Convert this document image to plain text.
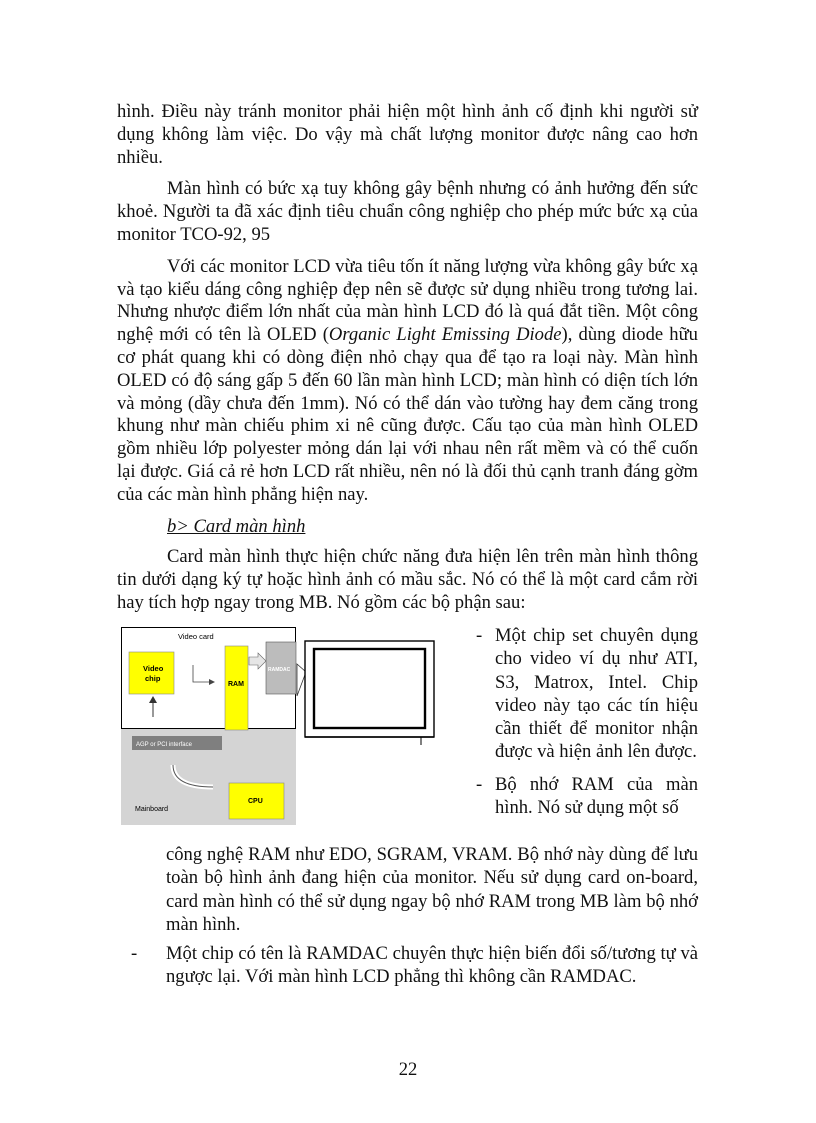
hình. Điều này tránh monitor phải hiện một hình ảnh cố định khi người sử dụng không làm việc. Do vậy mà chất lượng monitor được nâng cao hơn nhiều.

Màn hình có bức xạ tuy không gây bệnh nhưng có ảnh hưởng đến sức khoẻ. Người ta đã xác định tiêu chuẩn công nghiệp cho phép mức bức xạ của monitor TCO-92, 95

Với các monitor LCD vừa tiêu tốn ít năng lượng vừa không gây bức xạ và tạo kiểu dáng công nghiệp đẹp nên sẽ được sử dụng nhiều trong tương lai. Nhưng nhược điểm lớn nhất của màn hình LCD đó là quá đắt tiền. Một công nghệ mới có tên là OLED (Organic Light Emissing Diode), dùng diode hữu cơ phát quang khi có dòng điện nhỏ chạy qua để tạo ra loại này. Màn hình OLED có độ sáng gấp 5 đến 60 lần màn hình LCD; màn hình có diện tích lớn và mỏng (dầy chưa đến 1mm). Nó có thể dán vào tường hay đem căng trong khung như màn chiếu phim xi nê cũng được. Cấu tạo của màn hình OLED gồm nhiều lớp polyester mỏng dán lại với nhau nên rất mềm và có thể cuốn lại được. Giá cả rẻ hơn LCD rất nhiều, nên nó là đối thủ cạnh tranh đáng gờm của các màn hình phẳng hiện nay.

b> Card màn hình

Card màn hình thực hiện chức năng đưa hiện lên trên màn hình thông tin dưới dạng ký tự hoặc hình ảnh có mầu sắc. Nó có thể là một card cắm rời hay tích hợp ngay trong MB. Nó gồm các bộ phận sau:

Video card
Video
chip
RAM
RAMDAC
AGP or PCI interface
CPU
Mainboard
- Một chip set chuyên dụng cho video ví dụ như ATI, S3, Matrox, Intel. Chip video này tạo các tín hiệu cần thiết để monitor nhận được và hiện ảnh lên được.
- Bộ nhớ RAM của màn hình. Nó sử dụng một số
công nghệ RAM như EDO, SGRAM, VRAM. Bộ nhớ này dùng để lưu toàn bộ hình ảnh đang hiện của monitor. Nếu sử dụng card on-board, card màn hình có thể sử dụng ngay bộ nhớ RAM trong MB làm bộ nhớ màn hình.
-	Một chip có tên là RAMDAC chuyên thực hiện biến đổi số/tương tự và ngược lại. Với màn hình LCD phẳng thì không cần RAMDAC.
22
